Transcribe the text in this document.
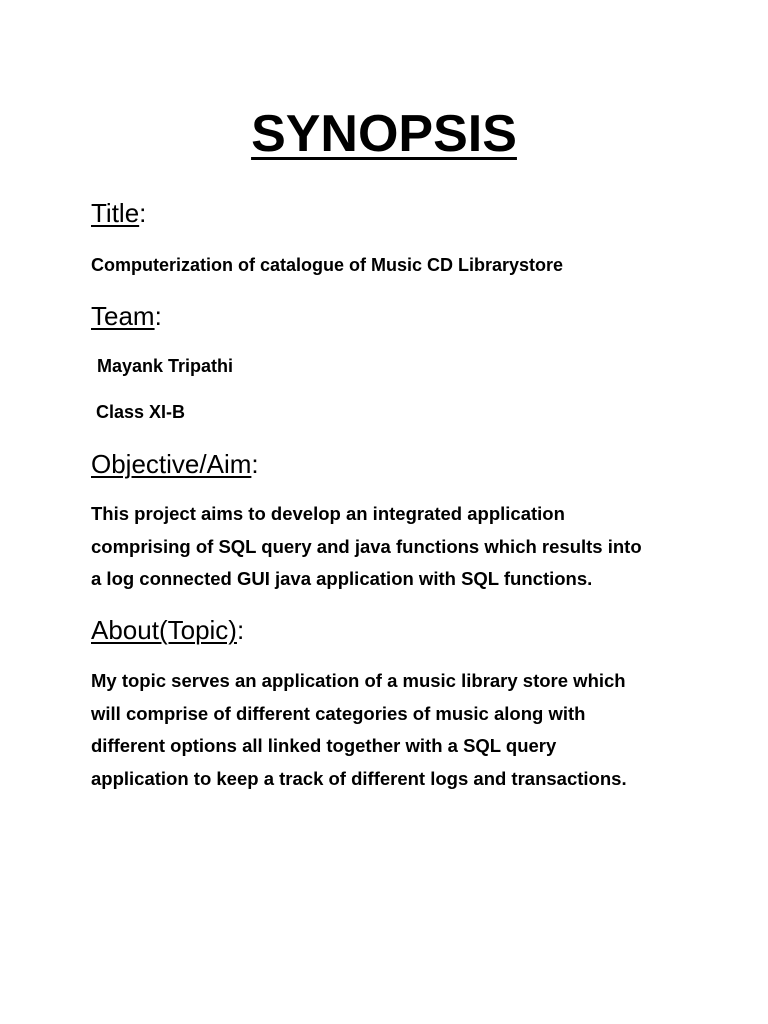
SYNOPSIS
Title:

Computerization of catalogue of Music CD Librarystore

Team:

Mayank Tripathi

Class XI-B

Objective/Aim:

This project aims to develop an integrated application
comprising of SQL query and java functions which results into
a log connected GUI java application with SQL functions.

About(Topic):

My topic serves an application of a music library store which
will comprise of different categories of music along with
different options all linked together with a SQL query
application to keep a track of different logs and transactions.
